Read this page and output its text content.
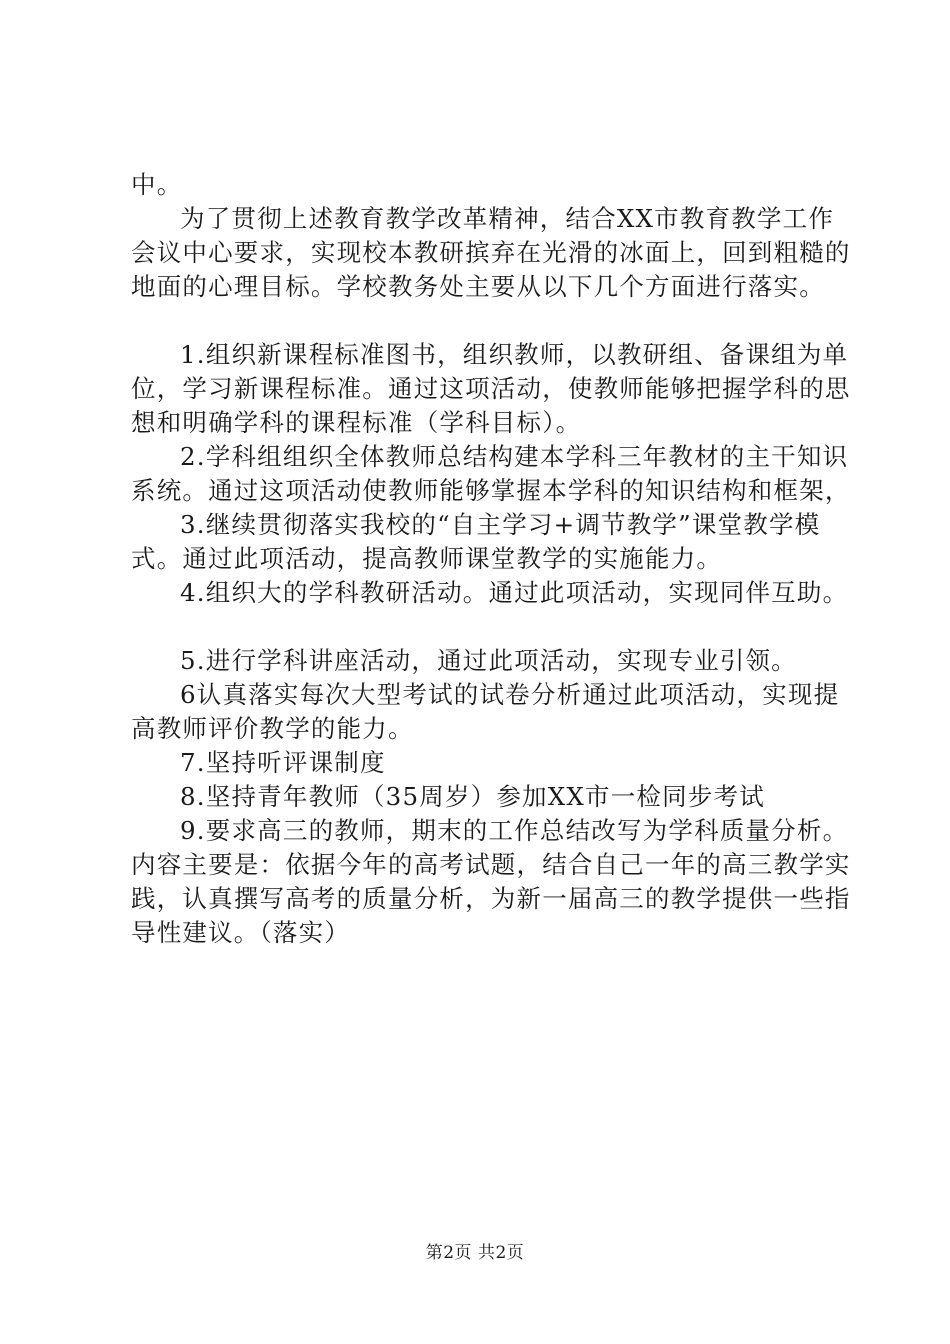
中。

为了贯彻上述教育教学改革精神，结合XX市教育教学工作会议中心要求，实现校本教研摈弃在光滑的冰面上，回到粗糙的地面的心理目标。学校教务处主要从以下几个方面进行落实。

1.组织新课程标准图书，组织教师，以教研组、备课组为单位，学习新课程标准。通过这项活动，使教师能够把握学科的思想和明确学科的课程标准（学科目标）。

2.学科组组织全体教师总结构建本学科三年教材的主干知识系统。通过这项活动使教师能够掌握本学科的知识结构和框架，

3.继续贯彻落实我校的“自主学习+调节教学”课堂教学模式。通过此项活动，提高教师课堂教学的实施能力。

4.组织大的学科教研活动。通过此项活动，实现同伴互助。

5.进行学科讲座活动，通过此项活动，实现专业引领。

6认真落实每次大型考试的试卷分析通过此项活动，实现提高教师评价教学的能力。

7.坚持听评课制度

8.坚持青年教师（35周岁）参加XX市一检同步考试

9.要求高三的教师，期末的工作总结改写为学科质量分析。内容主要是：依据今年的高考试题，结合自己一年的高三教学实践，认真撰写高考的质量分析，为新一届高三的教学提供一些指导性建议。（落实）

第2页 共2页
